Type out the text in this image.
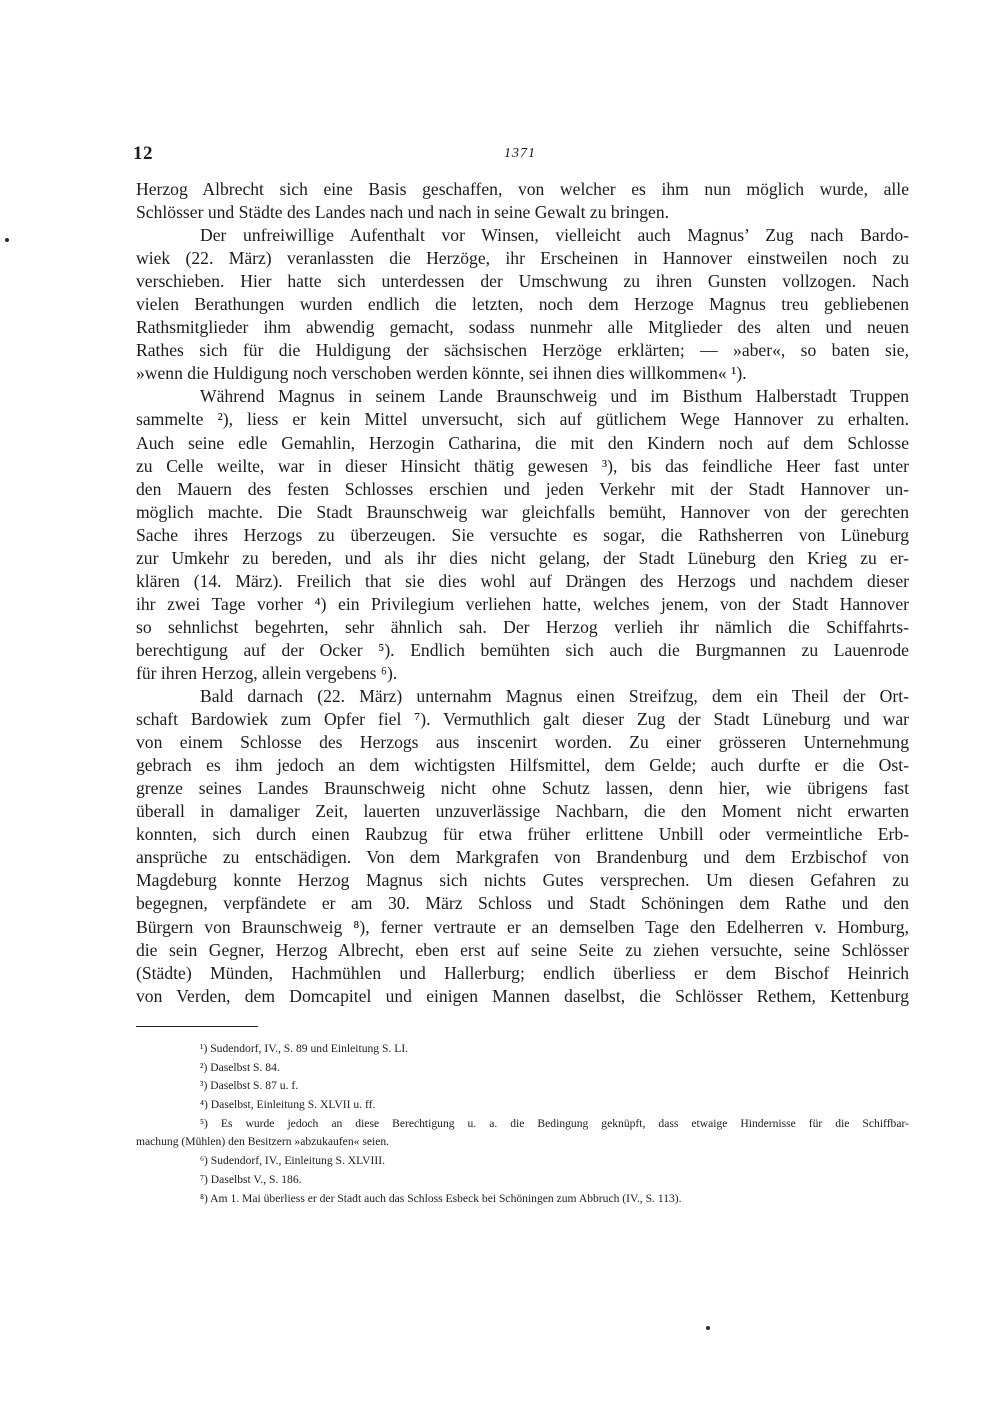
12	1371
Herzog Albrecht sich eine Basis geschaffen, von welcher es ihm nun möglich wurde, alle
Schlösser und Städte des Landes nach und nach in seine Gewalt zu bringen.
Der unfreiwillige Aufenthalt vor Winsen, vielleicht auch Magnus’ Zug nach Bardo-
wiek (22. März) veranlassten die Herzöge, ihr Erscheinen in Hannover einstweilen noch zu
verschieben. Hier hatte sich unterdessen der Umschwung zu ihren Gunsten vollzogen. Nach
vielen Berathungen wurden endlich die letzten, noch dem Herzoge Magnus treu gebliebenen
Rathsmitglieder ihm abwendig gemacht, sodass nunmehr alle Mitglieder des alten und neuen
Rathes sich für die Huldigung der sächsischen Herzöge erklärten; — »aber«, so baten sie,
»wenn die Huldigung noch verschoben werden könnte, sei ihnen dies willkommen« ¹).
Während Magnus in seinem Lande Braunschweig und im Bisthum Halberstadt Truppen
sammelte ²), liess er kein Mittel unversucht, sich auf gütlichem Wege Hannover zu erhalten.
Auch seine edle Gemahlin, Herzogin Catharina, die mit den Kindern noch auf dem Schlosse
zu Celle weilte, war in dieser Hinsicht thätig gewesen ³), bis das feindliche Heer fast unter
den Mauern des festen Schlosses erschien und jeden Verkehr mit der Stadt Hannover un-
möglich machte. Die Stadt Braunschweig war gleichfalls bemüht, Hannover von der gerechten
Sache ihres Herzogs zu überzeugen. Sie versuchte es sogar, die Rathsherren von Lüneburg
zur Umkehr zu bereden, und als ihr dies nicht gelang, der Stadt Lüneburg den Krieg zu er-
klären (14. März). Freilich that sie dies wohl auf Drängen des Herzogs und nachdem dieser
ihr zwei Tage vorher ⁴) ein Privilegium verliehen hatte, welches jenem, von der Stadt Hannover
so sehnlichst begehrten, sehr ähnlich sah. Der Herzog verlieh ihr nämlich die Schiffahrts-
berechtigung auf der Ocker ⁵). Endlich bemühten sich auch die Burgmannen zu Lauenrode
für ihren Herzog, allein vergebens ⁶).
Bald darnach (22. März) unternahm Magnus einen Streifzug, dem ein Theil der Ort-
schaft Bardowiek zum Opfer fiel ⁷). Vermuthlich galt dieser Zug der Stadt Lüneburg und war
von einem Schlosse des Herzogs aus inscenirt worden. Zu einer grösseren Unternehmung
gebrach es ihm jedoch an dem wichtigsten Hilfsmittel, dem Gelde; auch durfte er die Ost-
grenze seines Landes Braunschweig nicht ohne Schutz lassen, denn hier, wie übrigens fast
überall in damaliger Zeit, lauerten unzuverlässige Nachbarn, die den Moment nicht erwarten
konnten, sich durch einen Raubzug für etwa früher erlittene Unbill oder vermeintliche Erb-
ansprüche zu entschädigen. Von dem Markgrafen von Brandenburg und dem Erzbischof von
Magdeburg konnte Herzog Magnus sich nichts Gutes versprechen. Um diesen Gefahren zu
begegnen, verpfändete er am 30. März Schloss und Stadt Schöningen dem Rathe und den
Bürgern von Braunschweig ⁸), ferner vertraute er an demselben Tage den Edelherren v. Homburg,
die sein Gegner, Herzog Albrecht, eben erst auf seine Seite zu ziehen versuchte, seine Schlösser
(Städte) Münden, Hachmühlen und Hallerburg; endlich überliess er dem Bischof Heinrich
von Verden, dem Domcapitel und einigen Mannen daselbst, die Schlösser Rethem, Kettenburg
¹) Sudendorf, IV., S. 89 und Einleitung S. LI.
²) Daselbst S. 84.
³) Daselbst S. 87 u. f.
⁴) Daselbst, Einleitung S. XLVII u. ff.
⁵) Es wurde jedoch an diese Berechtigung u. a. die Bedingung geknüpft, dass etwaige Hindernisse für die Schiffbar-
machung (Mühlen) den Besitzern »abzukaufen« seien.
⁶) Sudendorf, IV., Einleitung S. XLVIII.
⁷) Daselbst V., S. 186.
⁸) Am 1. Mai überliess er der Stadt auch das Schloss Esbeck bei Schöningen zum Abbruch (IV., S. 113).
